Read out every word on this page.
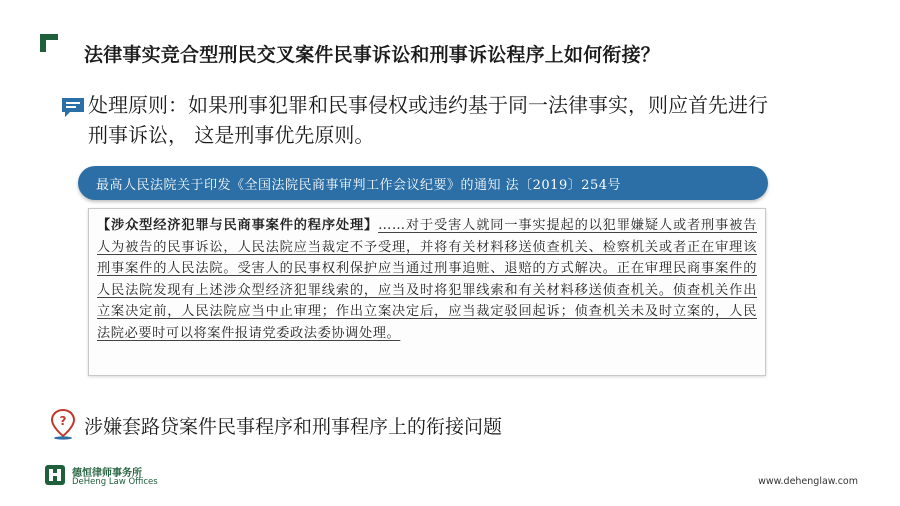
法律事实竞合型刑民交叉案件民事诉讼和刑事诉讼程序上如何衔接？
处理原则：如果刑事犯罪和民事侵权或违约基于同一法律事实，则应首先进行刑事诉讼， 这是刑事优先原则。
最高人民法院关于印发《全国法院民商事审判工作会议纪要》的通知 法〔2019〕254号

【涉众型经济犯罪与民商事案件的程序处理】……对于受害人就同一事实提起的以犯罪嫌疑人或者刑事被告人为被告的民事诉讼，人民法院应当裁定不予受理，并将有关材料移送侦查机关、检察机关或者正在审理该刑事案件的人民法院。受害人的民事权利保护应当通过刑事追赃、退赔的方式解决。正在审理民商事案件的人民法院发现有上述涉众型经济犯罪线索的，应当及时将犯罪线索和有关材料移送侦查机关。侦查机关作出立案决定前，人民法院应当中止审理；作出立案决定后，应当裁定驳回起诉；侦查机关未及时立案的，人民法院必要时可以将案件报请党委政法委协调处理。

? 涉嫌套路贷案件民事程序和刑事程序上的衔接问题
德恒律师事务所
DeHeng Law Offices	www.dehenglaw.com
